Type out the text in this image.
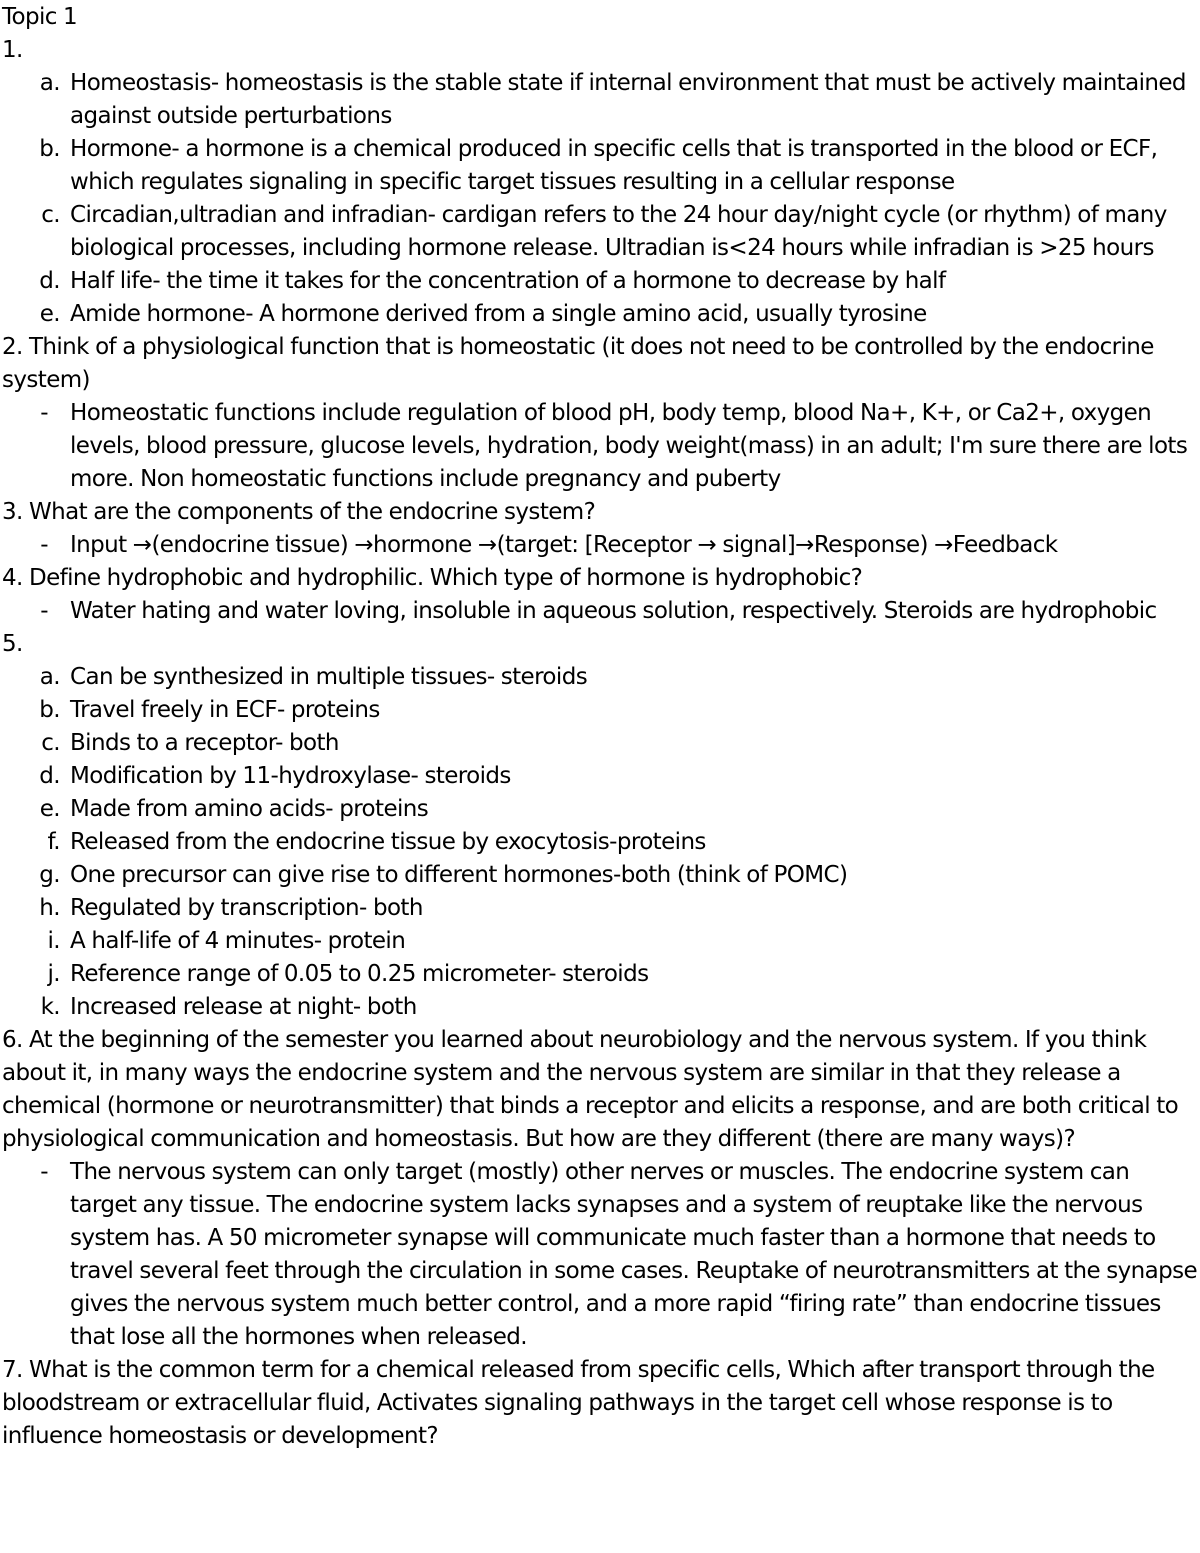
Topic 1
1.
a. Homeostasis- homeostasis is the stable state if internal environment that must be actively maintained against outside perturbations
b. Hormone- a hormone is a chemical produced in specific cells that is transported in the blood or ECF, which regulates signaling in specific target tissues resulting in a cellular response
c. Circadian,ultradian and infradian- cardigan refers to the 24 hour day/night cycle (or rhythm) of many biological processes, including hormone release. Ultradian is<24 hours while infradian is >25 hours
d. Half life- the time it takes for the concentration of a hormone to decrease by half
e. Amide hormone- A hormone derived from a single amino acid, usually tyrosine
2. Think of a physiological function that is homeostatic (it does not need to be controlled by the endocrine system)
- Homeostatic functions include regulation of blood pH, body temp, blood Na+, K+, or Ca2+, oxygen levels, blood pressure, glucose levels, hydration, body weight(mass) in an adult; I'm sure there are lots more. Non homeostatic functions include pregnancy and puberty
3. What are the components of the endocrine system?
- Input →(endocrine tissue) →hormone →(target: [Receptor → signal]→Response) →Feedback
4. Define hydrophobic and hydrophilic. Which type of hormone is hydrophobic?
- Water hating and water loving, insoluble in aqueous solution, respectively. Steroids are hydrophobic
5.
a. Can be synthesized in multiple tissues- steroids
b. Travel freely in ECF- proteins
c. Binds to a receptor- both
d. Modification by 11-hydroxylase- steroids
e. Made from amino acids- proteins
f. Released from the endocrine tissue by exocytosis-proteins
g. One precursor can give rise to different hormones-both (think of POMC)
h. Regulated by transcription- both
i. A half-life of 4 minutes- protein
j. Reference range of 0.05 to 0.25 micrometer- steroids
k. Increased release at night- both
6. At the beginning of the semester you learned about neurobiology and the nervous system. If you think about it, in many ways the endocrine system and the nervous system are similar in that they release a chemical (hormone or neurotransmitter) that binds a receptor and elicits a response, and are both critical to physiological communication and homeostasis. But how are they different (there are many ways)?
- The nervous system can only target (mostly) other nerves or muscles. The endocrine system can target any tissue. The endocrine system lacks synapses and a system of reuptake like the nervous system has. A 50 micrometer synapse will communicate much faster than a hormone that needs to travel several feet through the circulation in some cases. Reuptake of neurotransmitters at the synapse gives the nervous system much better control, and a more rapid “firing rate” than endocrine tissues that lose all the hormones when released.
7. What is the common term for a chemical released from specific cells, Which after transport through the bloodstream or extracellular fluid, Activates signaling pathways in the target cell whose response is to influence homeostasis or development?
